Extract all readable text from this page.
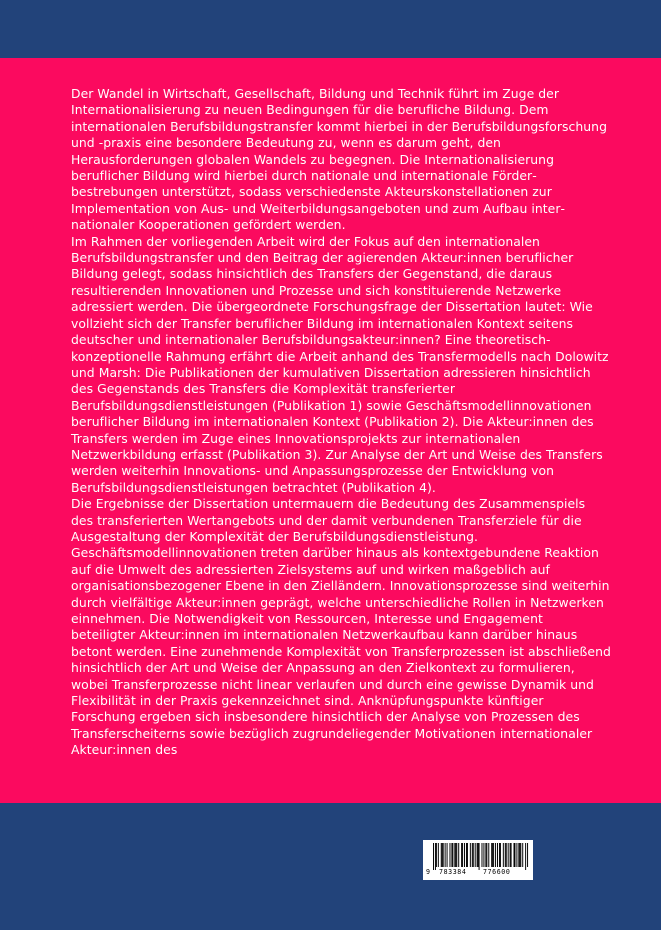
Der Wandel in Wirtschaft, Gesellschaft, Bildung und Technik führt im Zuge der Internationalisierung zu neuen Bedingungen für die berufliche Bildung. Dem internationalen Berufsbildungstransfer kommt hierbei in der Berufsbildungsforschung und -praxis eine besondere Bedeutung zu, wenn es darum geht, den Herausforderungen globalen Wandels zu begegnen. Die Internationalisierung beruflicher Bildung wird hierbei durch nationale und internationale Förderbestrebungen unterstützt, sodass verschiedenste Akteurskonstellationen zur Implementation von Aus- und Weiterbildungsangeboten und zum Aufbau internationaler Kooperationen gefördert werden.

Im Rahmen der vorliegenden Arbeit wird der Fokus auf den internationalen Berufsbildungstransfer und den Beitrag der agierenden Akteur:innen beruflicher Bildung gelegt, sodass hinsichtlich des Transfers der Gegenstand, die daraus resultierenden Innovationen und Prozesse und sich konstituierende Netzwerke adressiert werden. Die übergeordnete Forschungsfrage der Dissertation lautet: Wie vollzieht sich der Transfer beruflicher Bildung im internationalen Kontext seitens deutscher und internationaler Berufsbildungsakteur:innen? Eine theoretisch-konzeptionelle Rahmung erfährt die Arbeit anhand des Transfermodells nach Dolowitz und Marsh: Die Publikationen der kumulativen Dissertation adressieren hinsichtlich des Gegenstands des Transfers die Komplexität transferierter Berufsbildungsdienstleistungen (Publikation 1) sowie Geschäftsmodellinnovationen beruflicher Bildung im internationalen Kontext (Publikation 2). Die Akteur:innen des Transfers werden im Zuge eines Innovationsprojekts zur internationalen Netzwerkbildung erfasst (Publikation 3). Zur Analyse der Art und Weise des Transfers werden weiterhin Innovations- und Anpassungsprozesse der Entwicklung von Berufsbildungsdienstleistungen betrachtet (Publikation 4).

Die Ergebnisse der Dissertation untermauern die Bedeutung des Zusammenspiels des transferierten Wertangebots und der damit verbundenen Transferziele für die Ausgestaltung der Komplexität der Berufsbildungsdienstleistung. Geschäftsmodellinnovationen treten darüber hinaus als kontextgebundene Reaktion auf die Umwelt des adressierten Zielsystems auf und wirken maßgeblich auf organisationsbezogener Ebene in den Zielländern. Innovationsprozesse sind weiterhin durch vielfältige Akteur:innen geprägt, welche unterschiedliche Rollen in Netzwerken einnehmen. Die Notwendigkeit von Ressourcen, Interesse und Engagement beteiligter Akteur:innen im internationalen Netzwerkaufbau kann darüber hinaus betont werden. Eine zunehmende Komplexität von Transferprozessen ist abschließend hinsichtlich der Art und Weise der Anpassung an den Zielkontext zu formulieren, wobei Transferprozesse nicht linear verlaufen und durch eine gewisse Dynamik und Flexibilität in der Praxis gekennzeichnet sind. Anknüpfungspunkte künftiger Forschung ergeben sich insbesondere hinsichtlich der Analyse von Prozessen des Transferscheiterns sowie bezüglich zugrundeliegender Motivationen internationaler Akteur:innen des

9 783384	776600
